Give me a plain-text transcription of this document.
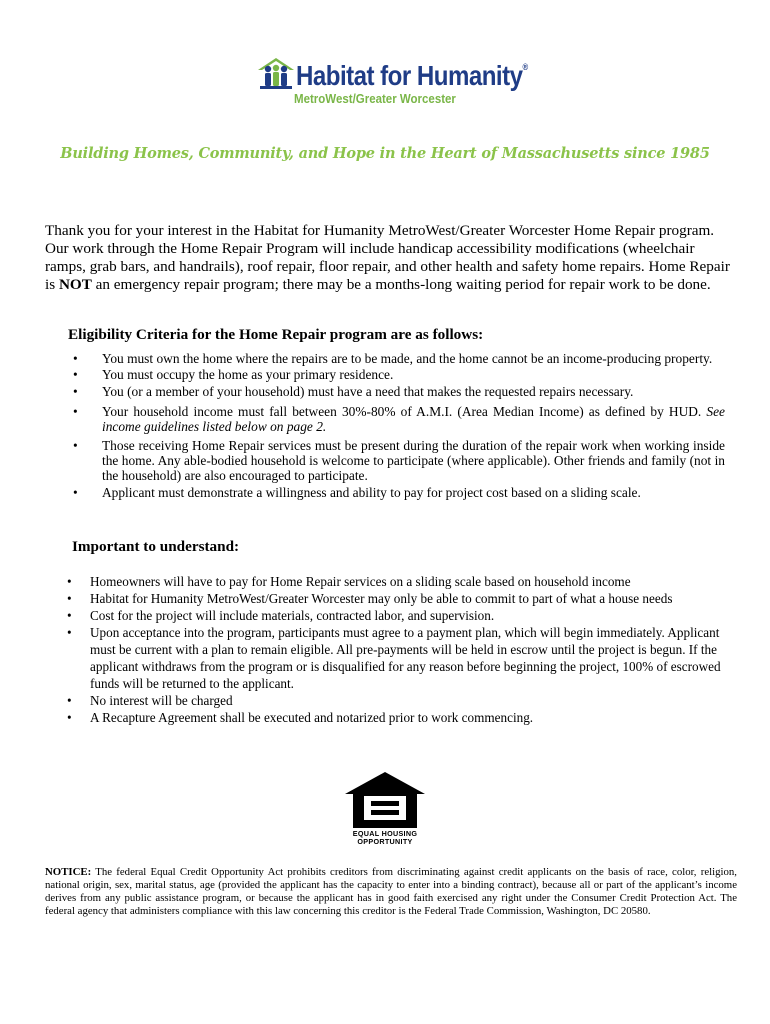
Habitat for Humanity®
MetroWest/Greater Worcester
Building Homes, Community, and Hope in the Heart of Massachusetts since 1985

Thank you for your interest in the Habitat for Humanity MetroWest/Greater Worcester Home Repair program. Our work through the Home Repair Program will include handicap accessibility modifications (wheelchair ramps, grab bars, and handrails), roof repair, floor repair, and other health and safety home repairs. Home Repair is NOT an emergency repair program; there may be a months-long waiting period for repair work to be done.

Eligibility Criteria for the Home Repair program are as follows:

• You must own the home where the repairs are to be made, and the home cannot be an income-producing property.
• You must occupy the home as your primary residence.
• You (or a member of your household) must have a need that makes the requested repairs necessary.
• Your household income must fall between 30%-80% of A.M.I. (Area Median Income) as defined by HUD. See income guidelines listed below on page 2.
• Those receiving Home Repair services must be present during the duration of the repair work when working inside the home. Any able-bodied household is welcome to participate (where applicable). Other friends and family (not in the household) are also encouraged to participate.
• Applicant must demonstrate a willingness and ability to pay for project cost based on a sliding scale.

Important to understand:

• Homeowners will have to pay for Home Repair services on a sliding scale based on household income
• Habitat for Humanity MetroWest/Greater Worcester may only be able to commit to part of what a house needs
• Cost for the project will include materials, contracted labor, and supervision.
• Upon acceptance into the program, participants must agree to a payment plan, which will begin immediately. Applicant must be current with a plan to remain eligible. All pre-payments will be held in escrow until the project is begun. If the applicant withdraws from the program or is disqualified for any reason before beginning the project, 100% of escrowed funds will be returned to the applicant.
• No interest will be charged
• A Recapture Agreement shall be executed and notarized prior to work commencing.
EQUAL HOUSING
OPPORTUNITY

NOTICE: The federal Equal Credit Opportunity Act prohibits creditors from discriminating against credit applicants on the basis of race, color, religion, national origin, sex, marital status, age (provided the applicant has the capacity to enter into a binding contract), because all or part of the applicant’s income derives from any public assistance program, or because the applicant has in good faith exercised any right under the Consumer Credit Protection Act. The federal agency that administers compliance with this law concerning this creditor is the Federal Trade Commission, Washington, DC 20580.
